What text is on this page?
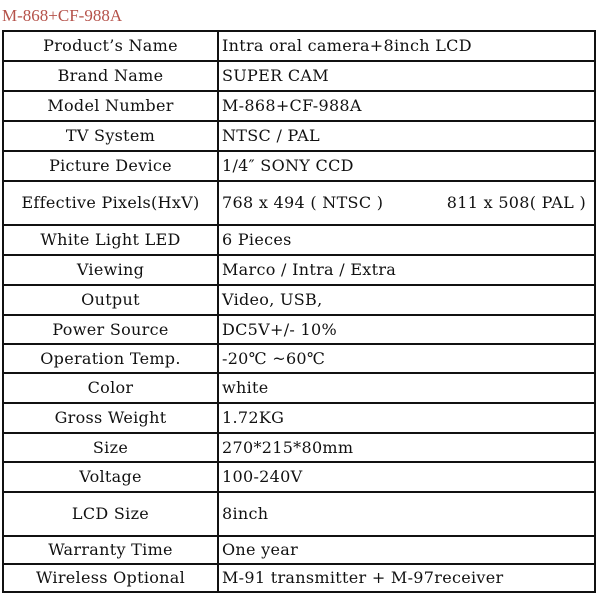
M-868+CF-988A
Product’s Name	Intra oral camera+8inch LCD
Brand Name	SUPER CAM
Model Number	M-868+CF-988A
TV System	NTSC / PAL
Picture Device	1/4″ SONY CCD
Effective Pixels(HxV)	768 x 494 ( NTSC ) 811 x 508( PAL )

White Light LED	6 Pieces
Viewing	Marco / Intra / Extra
Output	Video, USB,
Power Source	DC5V+/- 10%
Operation Temp.	-20℃ ~60℃
Color	white
Gross Weight	1.72KG
Size	270*215*80mm
Voltage	100-240V
LCD Size	8inch
Warranty Time	One year
Wireless Optional	M-91 transmitter + M-97receiver
